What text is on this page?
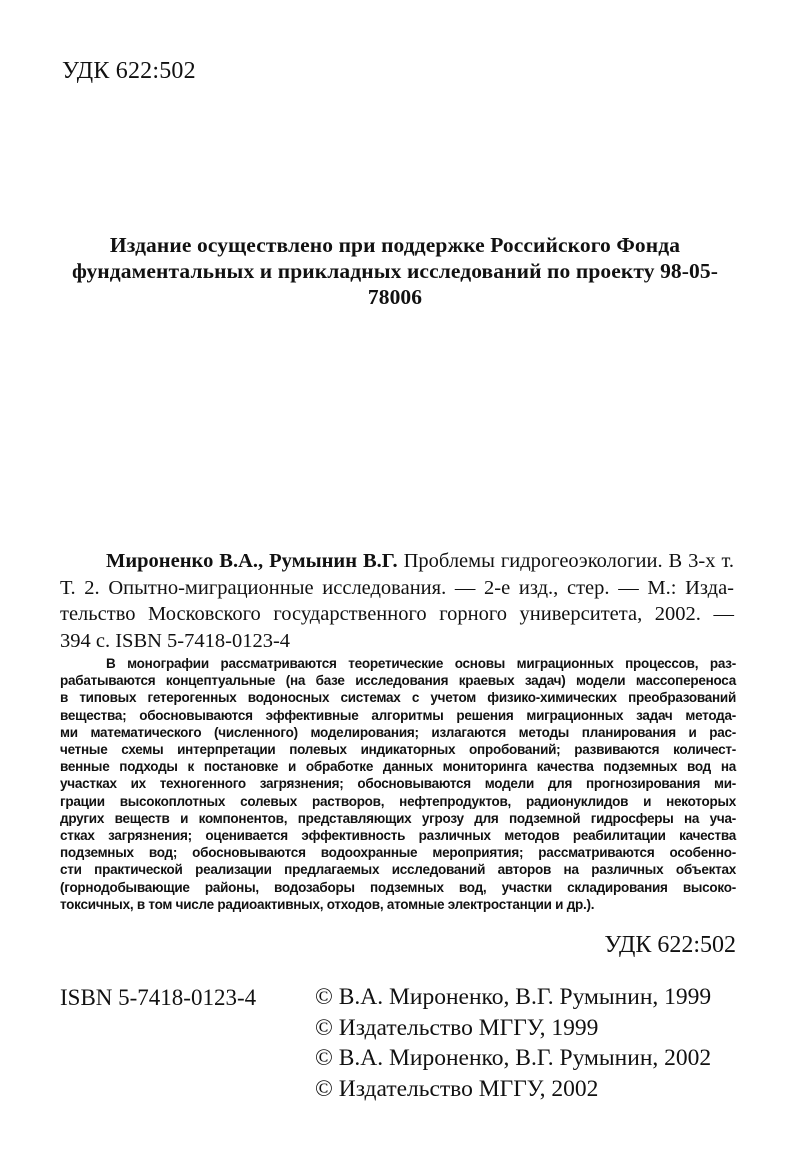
УДК 622:502
Издание осуществлено при поддержке Российского Фонда
фундаментальных и прикладных исследований по проекту 98-05-78006
Мироненко В.А., Румынин В.Г. Проблемы гидрогеоэкологии. В 3-х т.
Т. 2. Опытно-миграционные исследования. — 2-е изд., стер. — М.: Изда-
тельство Московского государственного горного университета, 2002. —
394 с. ISBN 5-7418-0123-4
В монографии рассматриваются теоретические основы миграционных процессов, раз-
рабатываются концептуальные (на базе исследования краевых задач) модели массопереноса
в типовых гетерогенных водоносных системах с учетом физико-химических преобразований
вещества; обосновываются эффективные алгоритмы решения миграционных задач метода-
ми математического (численного) моделирования; излагаются методы планирования и рас-
четные схемы интерпретации полевых индикаторных опробований; развиваются количест-
венные подходы к постановке и обработке данных мониторинга качества подземных вод на
участках их техногенного загрязнения; обосновываются модели для прогнозирования ми-
грации высокоплотных солевых растворов, нефтепродуктов, радионуклидов и некоторых
других веществ и компонентов, представляющих угрозу для подземной гидросферы на уча-
стках загрязнения; оценивается эффективность различных методов реабилитации качества
подземных вод; обосновываются водоохранные мероприятия; рассматриваются особенно-
сти практической реализации предлагаемых исследований авторов на различных объектах
(горнодобывающие районы, водозаборы подземных вод, участки складирования высоко-
токсичных, в том числе радиоактивных, отходов, атомные электростанции и др.).
УДК 622:502
ISBN 5-7418-0123-4	© В.А. Мироненко, В.Г. Румынин, 1999
© Издательство МГГУ, 1999
© В.А. Мироненко, В.Г. Румынин, 2002
© Издательство МГГУ, 2002
